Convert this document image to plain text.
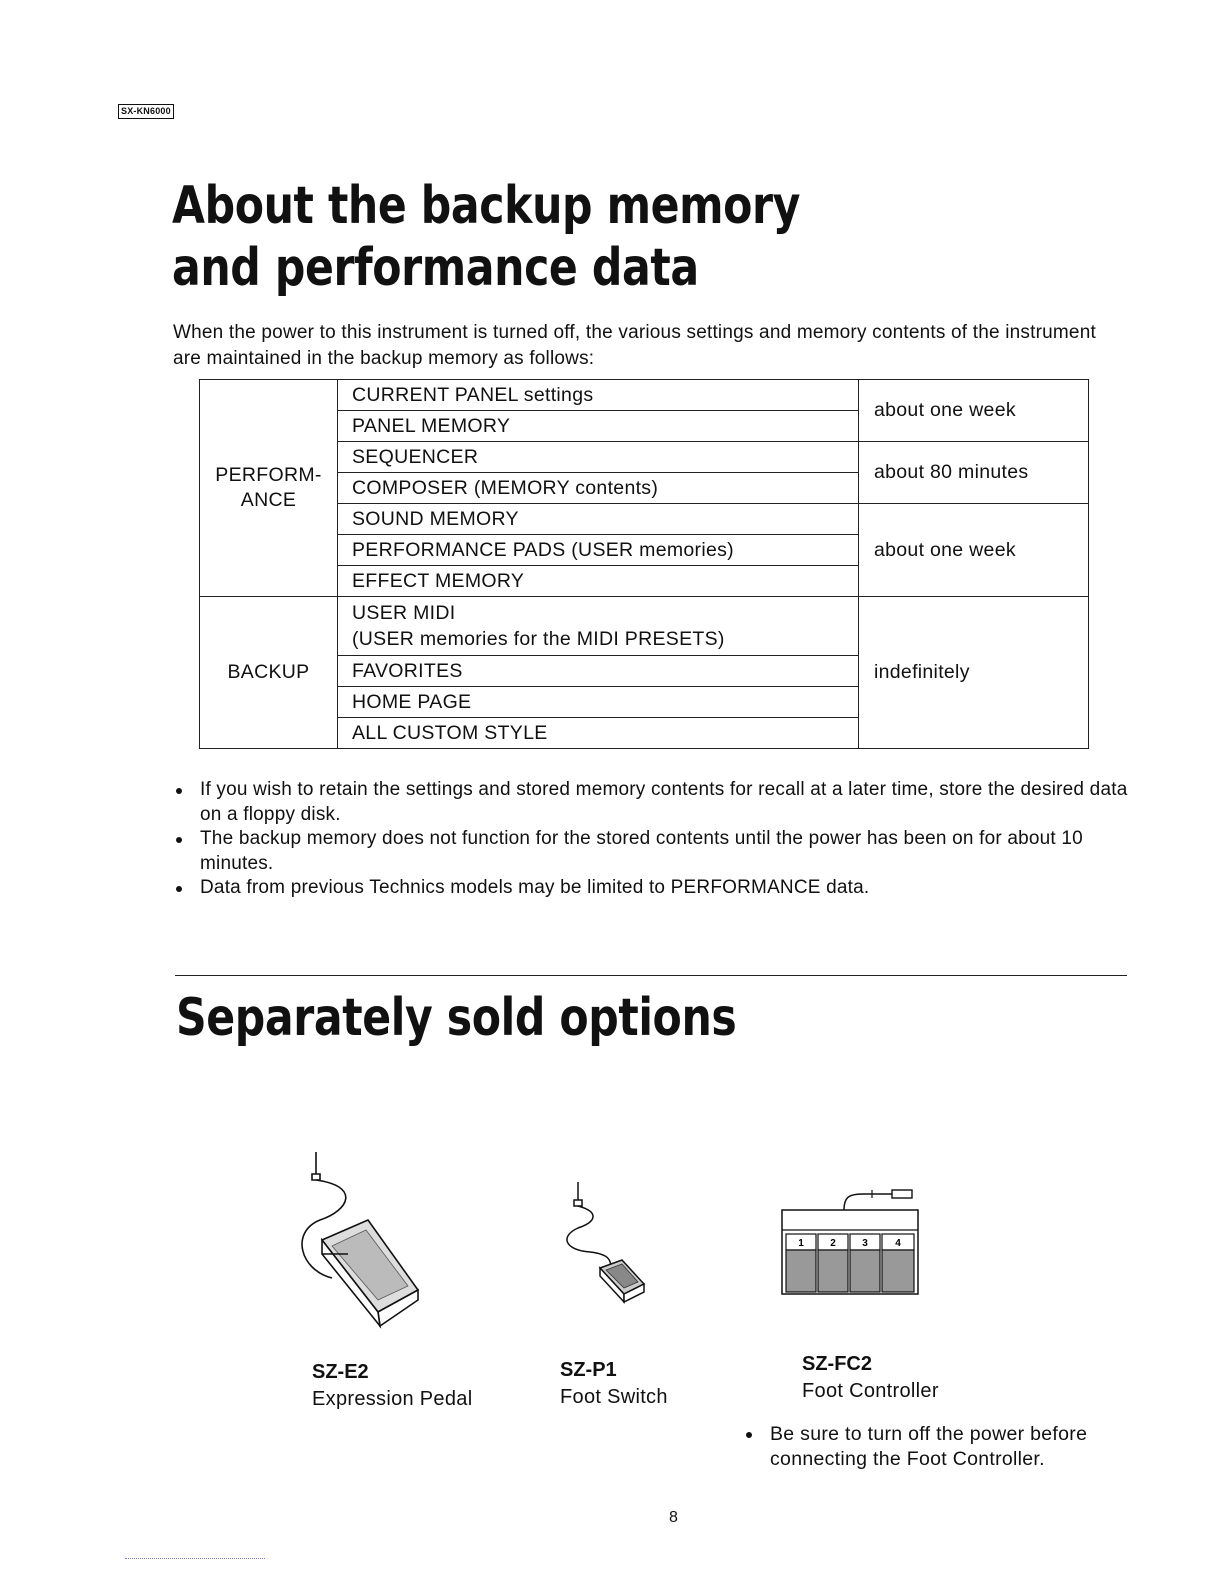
SX-KN6000
About the backup memory
and performance data

When the power to this instrument is turned off, the various settings and memory contents of the instrument are maintained in the backup memory as follows:

PERFORM-
ANCE	CURRENT PANEL settings	about one week
	PANEL MEMORY	
	SEQUENCER	about 80 minutes
	COMPOSER (MEMORY contents)	
	SOUND MEMORY	about one week
	PERFORMANCE PADS (USER memories)	
	EFFECT MEMORY	
BACKUP	USER MIDI
(USER memories for the MIDI PRESETS)	indefinitely
	FAVORITES	
	HOME PAGE	
	ALL CUSTOM STYLE	
If you wish to retain the settings and stored memory contents for recall at a later time, store the desired data on a floppy disk.
The backup memory does not function for the stored contents until the power has been on for about 10 minutes.
Data from previous Technics models may be limited to PERFORMANCE data.
Separately sold options
1	2	3	4
SZ-E2
Expression Pedal
SZ-P1
Foot Switch
SZ-FC2
Foot Controller
Be sure to turn off the power before connecting the Foot Controller.
8
